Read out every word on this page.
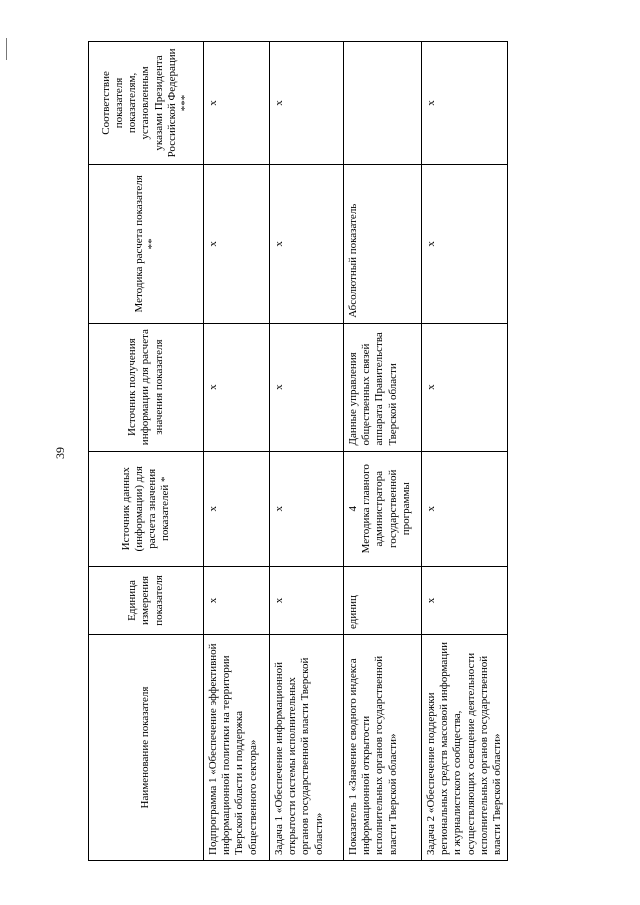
39
Наименование показателя	Единица измерения показателя	Источник данных (информации) для расчета значения показателей *	Источник получения информации для расчета значения показателя	Методика расчета показателя **	Соответствие показателя показателям, установленным указами Президента Российской Федерации ***
Подпрограмма 1 «Обеспечение эффективной информационной политики на территории Тверской области и поддержка общественного сектора»	x	x	x	x	x
Задача 1 «Обеспечение информационной открытости системы исполнительных органов государственной власти Тверской области»	x	x	x	x	x
Показатель 1 «Значение сводного индекса информационной открытости исполнительных органов государственной власти Тверской области»	единиц	4 Методика главного администратора государственной программы	Данные управления общественных связей аппарата Правительства Тверской области	Абсолютный показатель	
Задача 2 «Обеспечение поддержки региональных средств массовой информации и журналистского сообщества, осуществляющих освещение деятельности исполнительных органов государственной власти Тверской области»	x	x	x	x	x
